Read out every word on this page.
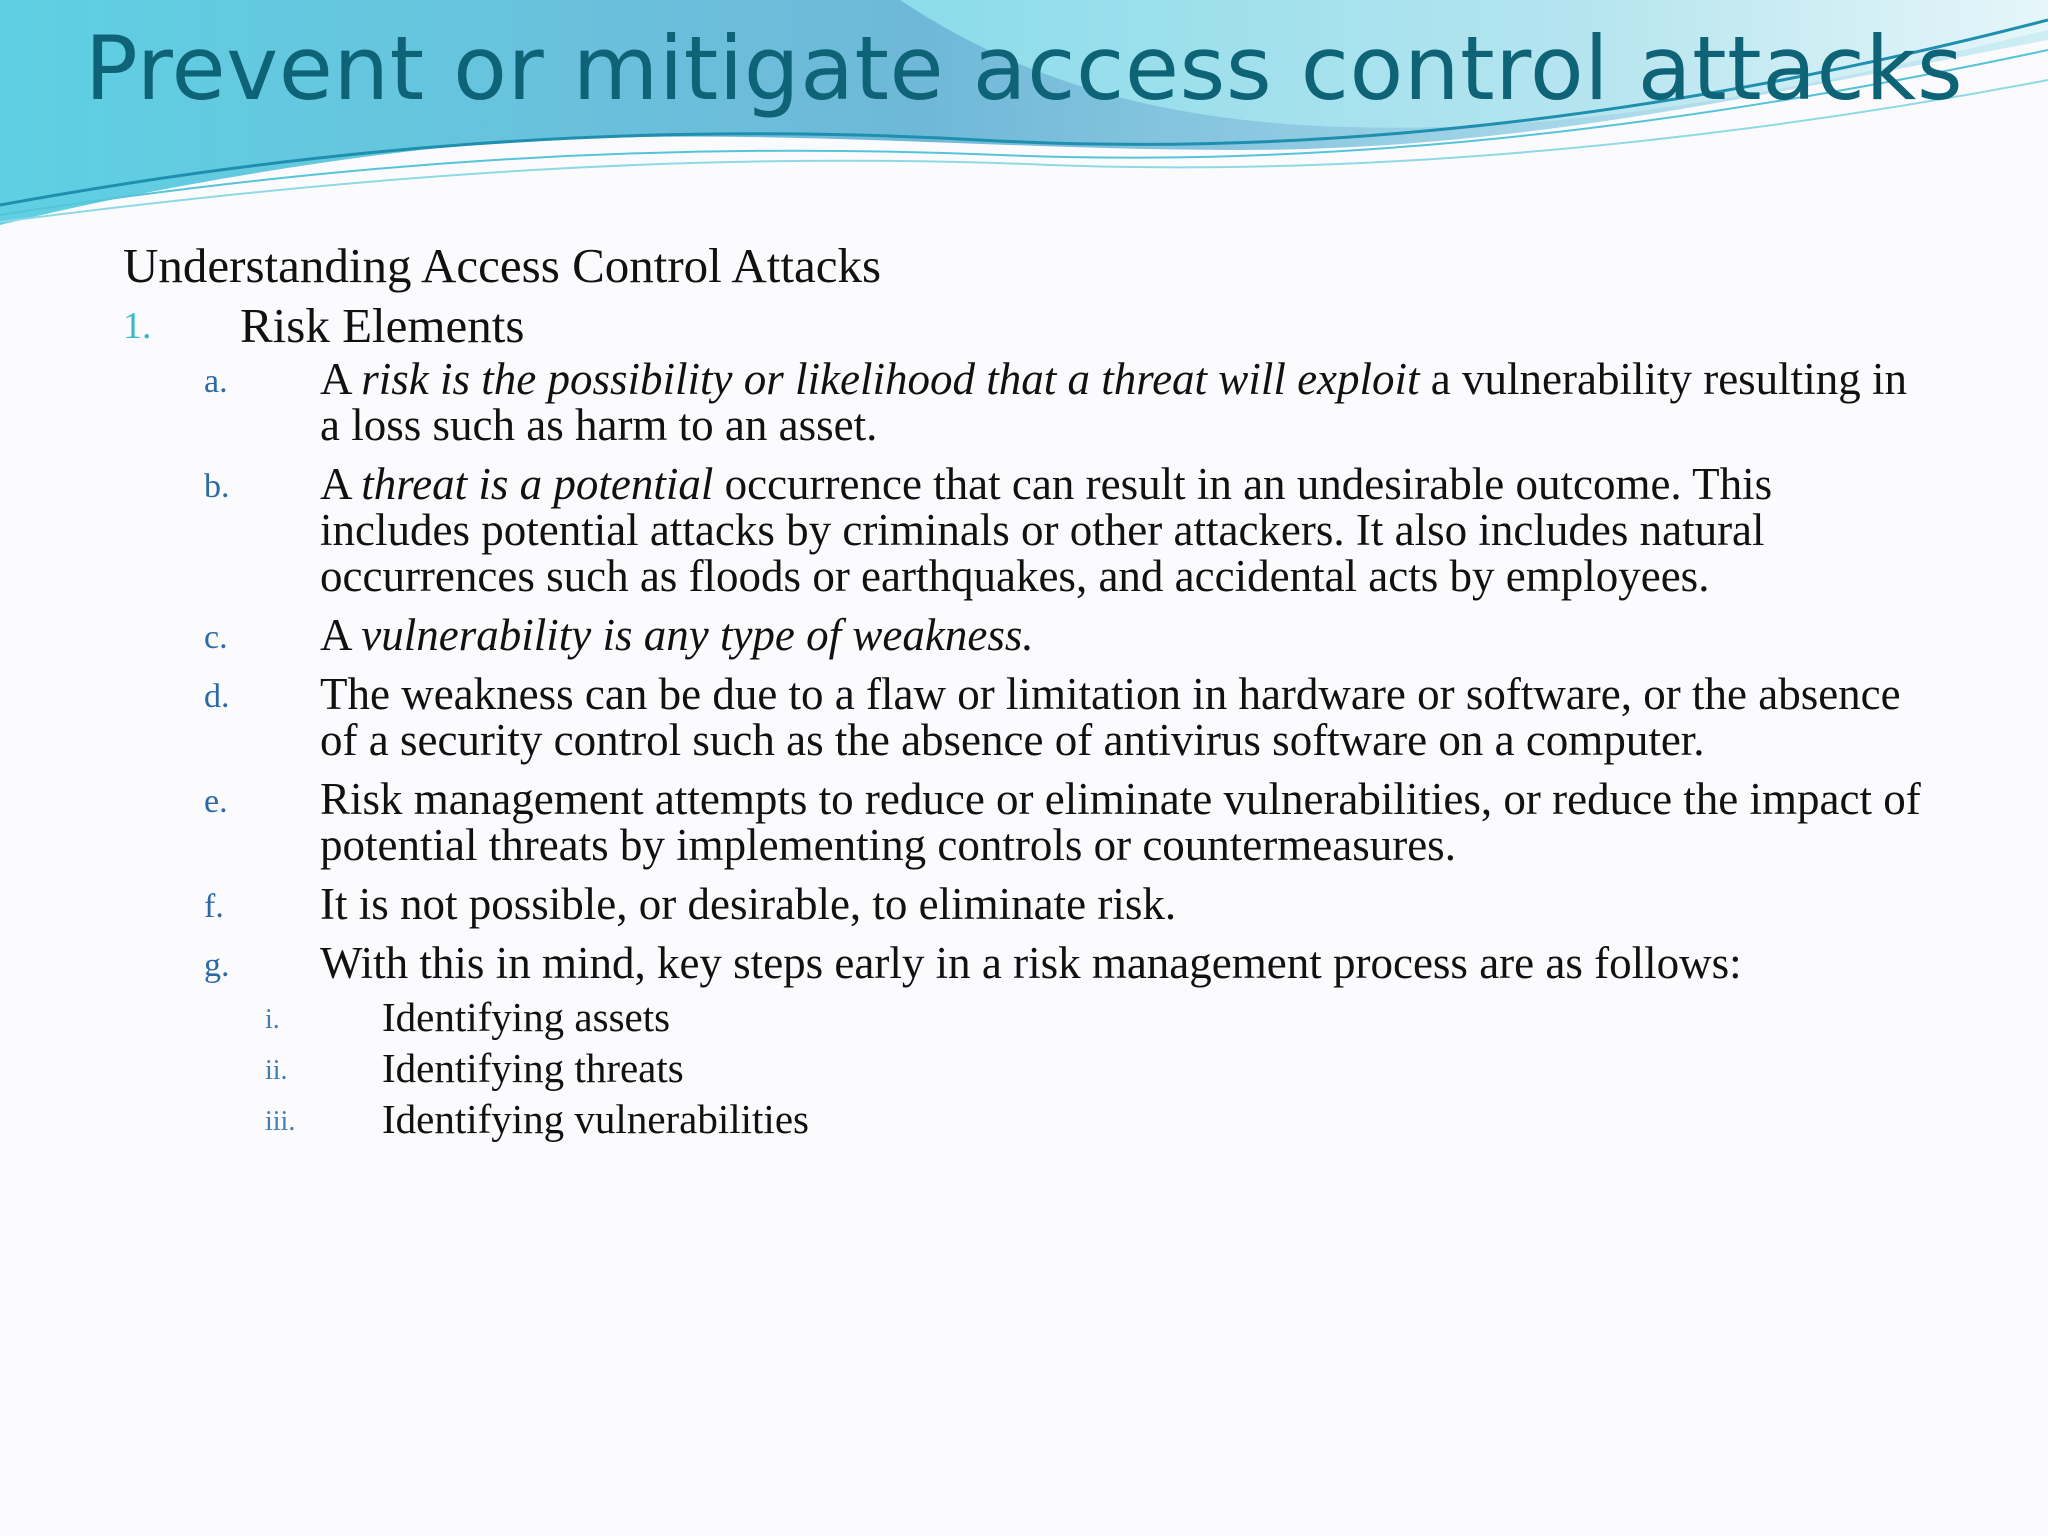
Prevent or mitigate access control attacks

Understanding Access Control Attacks

1. Risk Elements

a. A risk is the possibility or likelihood that a threat will exploit a vulnerability resulting in a loss such as harm to an asset.
b. A threat is a potential occurrence that can result in an undesirable outcome. This includes potential attacks by criminals or other attackers. It also includes natural occurrences such as floods or earthquakes, and accidental acts by employees.
c. A vulnerability is any type of weakness.
d. The weakness can be due to a flaw or limitation in hardware or software, or the absence of a security control such as the absence of antivirus software on a computer.
e. Risk management attempts to reduce or eliminate vulnerabilities, or reduce the impact of potential threats by implementing controls or countermeasures.
f. It is not possible, or desirable, to eliminate risk.
g. With this in mind, key steps early in a risk management process are as follows:
i. Identifying assets
ii. Identifying threats
iii. Identifying vulnerabilities
